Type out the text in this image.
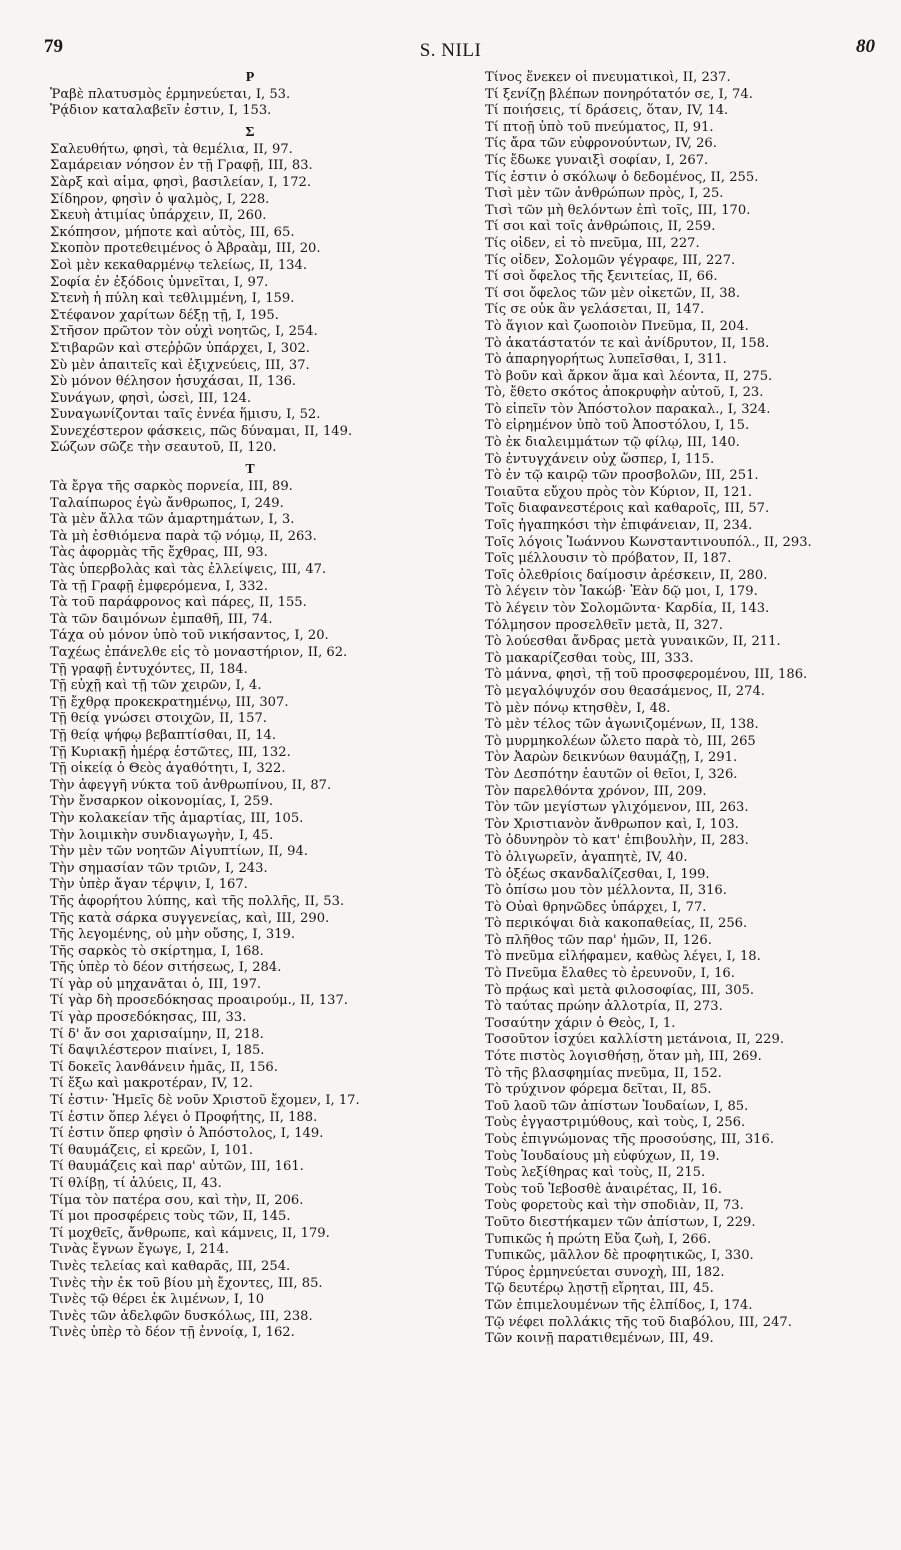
79	S. NILI	80
Ρ
Ῥαβὲ πλατυσμὸς ἑρμηνεύεται, I, 53.
Ῥᾴδιον καταλαβεῖν ἐστιν, I, 153.
Σ
Σαλευθήτω, φησὶ, τὰ θεμέλια, II, 97.
Σαμάρειαν νόησον ἐν τῇ Γραφῇ, III, 83.
Σὰρξ καὶ αἷμα, φησὶ, βασιλείαν, I, 172.
Σίδηρον, φησὶν ὁ ψαλμὸς, I, 228.
Σκευὴ ἀτιμίας ὑπάρχειν, II, 260.
Σκόπησον, μήποτε καὶ αὐτὸς, III, 65.
Σκοπὸν προτεθειμένος ὁ Ἀβραὰμ, III, 20.
Σοὶ μὲν κεκαθαρμένῳ τελείως, II, 134.
Σοφία ἐν ἐξόδοις ὑμνεῖται, I, 97.
Στενὴ ἡ πύλη καὶ τεθλιμμένη, I, 159.
Στέφανον χαρίτων δέξῃ τῇ, I, 195.
Στῆσον πρῶτον τὸν οὐχὶ νοητῶς, I, 254.
Στιβαρῶν καὶ στεῤῥῶν ὑπάρχει, I, 302.
Σὺ μὲν ἀπαιτεῖς καὶ ἐξιχνεύεις, III, 37.
Σὺ μόνον θέλησον ἡσυχάσαι, II, 136.
Συνάγων, φησὶ, ὡσεὶ, III, 124.
Συναγωνίζονται ταῖς ἐννέα ἥμισυ, I, 52.
Συνεχέστερον φάσκεις, πῶς δύναμαι, II, 149.
Σώζων σῶζε τὴν σεαυτοῦ, II, 120.
Τ
Τὰ ἔργα τῆς σαρκὸς πορνεία, III, 89.
Ταλαίπωρος ἐγὼ ἄνθρωπος, I, 249.
Τὰ μὲν ἄλλα τῶν ἁμαρτημάτων, I, 3.
Τὰ μὴ ἐσθιόμενα παρὰ τῷ νόμῳ, II, 263.
Τὰς ἀφορμὰς τῆς ἔχθρας, III, 93.
Τὰς ὑπερβολὰς καὶ τὰς ἐλλείψεις, III, 47.
Τὰ τῇ Γραφῇ ἐμφερόμενα, I, 332.
Τὰ τοῦ παράφρονος καὶ πάρες, II, 155.
Τὰ τῶν δαιμόνων ἐμπαθῆ, III, 74.
Τάχα οὐ μόνον ὑπὸ τοῦ νικήσαντος, I, 20.
Ταχέως ἐπάνελθε εἰς τὸ μοναστήριον, II, 62.
Τῇ γραφῇ ἐντυχόντες, II, 184.
Τῇ εὐχῇ καὶ τῇ τῶν χειρῶν, I, 4.
Τῇ ἔχθρᾳ προκεκρατημένῳ, III, 307.
Τῇ θείᾳ γνώσει στοιχῶν, II, 157.
Τῇ θείᾳ ψήφῳ βεβαπτίσθαι, II, 14.
Τῇ Κυριακῇ ἡμέρᾳ ἑστῶτες, III, 132.
Τῇ οἰκείᾳ ὁ Θεὸς ἀγαθότητι, I, 322.
Τὴν ἀφεγγῆ νύκτα τοῦ ἀνθρωπίνου, II, 87.
Τὴν ἔνσαρκον οἰκονομίας, I, 259.
Τὴν κολακείαν τῆς ἁμαρτίας, III, 105.
Τὴν λοιμικὴν συνδιαγωγὴν, I, 45.
Τὴν μὲν τῶν νοητῶν Αἰγυπτίων, II, 94.
Τὴν σημασίαν τῶν τριῶν, I, 243.
Τὴν ὑπὲρ ἄγαν τέρψιν, I, 167.
Τῆς ἀφορήτου λύπης, καὶ τῆς πολλῆς, II, 53.
Τῆς κατὰ σάρκα συγγενείας, καὶ, III, 290.
Τῆς λεγομένης, οὐ μὴν οὔσης, I, 319.
Τῆς σαρκὸς τὸ σκίρτημα, I, 168.
Τῆς ὑπὲρ τὸ δέον σιτήσεως, I, 284.
Τί γὰρ οὐ μηχανᾶται ὁ, III, 197.
Τί γὰρ δὴ προσεδόκησας προαιρούμ., II, 137.
Τί γὰρ προσεδόκησας, III, 33.
Τί δ' ἄν σοι χαρισαίμην, II, 218.
Τί δαψιλέστερον πιαίνει, I, 185.
Τί δοκεῖς λανθάνειν ἡμᾶς, II, 156.
Τί ἔξω καὶ μακροτέραν, IV, 12.
Τί ἐστιν· Ἡμεῖς δὲ νοῦν Χριστοῦ ἔχομεν, I, 17.
Τί ἐστιν ὅπερ λέγει ὁ Προφήτης, II, 188.
Τί ἐστιν ὅπερ φησὶν ὁ Ἀπόστολος, I, 149.
Τί θαυμάζεις, εἰ κρεῶν, I, 101.
Τί θαυμάζεις καὶ παρ' αὐτῶν, III, 161.
Τί θλίβῃ, τί ἀλύεις, II, 43.
Τίμα τὸν πατέρα σου, καὶ τὴν, II, 206.
Τί μοι προσφέρεις τοὺς τῶν, II, 145.
Τί μοχθεῖς, ἄνθρωπε, καὶ κάμνεις, II, 179.
Τινὰς ἔγνων ἔγωγε, I, 214.
Τινὲς τελείας καὶ καθαρᾶς, III, 254.
Τινὲς τὴν ἐκ τοῦ βίου μὴ ἔχοντες, III, 85.
Τινὲς τῷ θέρει ἐκ λιμένων, I, 10
Τινὲς τῶν ἀδελφῶν δυσκόλως, III, 238.
Τινὲς ὑπὲρ τὸ δέον τῇ ἐννοίᾳ, I, 162.
Τίνος ἕνεκεν οἱ πνευματικοὶ, II, 237.
Τί ξενίζῃ βλέπων πονηρότατόν σε, I, 74.
Τί ποιήσεις, τί δράσεις, ὅταν, IV, 14.
Τί πτοῇ ὑπὸ τοῦ πνεύματος, II, 91.
Τίς ἄρα τῶν εὐφρονούντων, IV, 26.
Τίς ἔδωκε γυναιξὶ σοφίαν, I, 267.
Τίς ἐστιν ὁ σκόλωψ ὁ δεδομένος, II, 255.
Τισὶ μὲν τῶν ἀνθρώπων πρὸς, I, 25.
Τισὶ τῶν μὴ θελόντων ἐπὶ τοῖς, III, 170.
Τί σοι καὶ τοῖς ἀνθρώποις, II, 259.
Τίς οἶδεν, εἰ τὸ πνεῦμα, III, 227.
Τίς οἶδεν, Σολομῶν γέγραφε, III, 227.
Τί σοὶ ὄφελος τῆς ξενιτείας, II, 66.
Τί σοι ὄφελος τῶν μὲν οἰκετῶν, II, 38.
Τίς σε οὐκ ἂν γελάσεται, II, 147.
Τὸ ἅγιον καὶ ζωοποιὸν Πνεῦμα, II, 204.
Τὸ ἀκατάστατόν τε καὶ ἀνίδρυτον, II, 158.
Τὸ ἀπαρηγορήτως λυπεῖσθαι, I, 311.
Τὸ βοῦν καὶ ἄρκον ἅμα καὶ λέοντα, II, 275.
Τὸ, ἔθετο σκότος ἀποκρυφὴν αὐτοῦ, I, 23.
Τὸ εἰπεῖν τὸν Ἀπόστολον παρακαλ., I, 324.
Τὸ εἰρημένον ὑπὸ τοῦ Ἀποστόλου, I, 15.
Τὸ ἐκ διαλειμμάτων τῷ φίλῳ, III, 140.
Τὸ ἐντυγχάνειν οὐχ ὥσπερ, I, 115.
Τὸ ἐν τῷ καιρῷ τῶν προσβολῶν, III, 251.
Τοιαῦτα εὔχου πρὸς τὸν Κύριον, II, 121.
Τοῖς διαφανεστέροις καὶ καθαροῖς, III, 57.
Τοῖς ἠγαπηκόσι τὴν ἐπιφάνειαν, II, 234.
Τοῖς λόγοις Ἰωάννου Κωνσταντινουπόλ., II, 293.
Τοῖς μέλλουσιν τὸ πρόβατον, II, 187.
Τοῖς ὀλεθρίοις δαίμοσιν ἀρέσκειν, II, 280.
Τὸ λέγειν τὸν Ἰακώβ· Ἐὰν δῷ μοι, I, 179.
Τὸ λέγειν τὸν Σολομῶντα· Καρδία, II, 143.
Τόλμησον προσελθεῖν μετὰ, II, 327.
Τὸ λούεσθαι ἄνδρας μετὰ γυναικῶν, II, 211.
Τὸ μακαρίζεσθαι τοὺς, III, 333.
Τὸ μάννα, φησὶ, τῇ τοῦ προσφερομένου, III, 186.
Τὸ μεγαλόψυχόν σου θεασάμενος, II, 274.
Τὸ μὲν πόνῳ κτησθὲν, I, 48.
Τὸ μὲν τέλος τῶν ἀγωνιζομένων, II, 138.
Τὸ μυρμηκολέων ὤλετο παρὰ τὸ, III, 265
Τὸν Ἀαρὼν δεικνύων θαυμάζῃ, I, 291.
Τὸν Δεσπότην ἑαυτῶν οἱ θεῖοι, I, 326.
Τὸν παρελθόντα χρόνον, III, 209.
Τὸν τῶν μεγίστων γλιχόμενον, III, 263.
Τὸν Χριστιανὸν ἄνθρωπον καὶ, I, 103.
Τὸ ὀδυνηρὸν τὸ κατ' ἐπιβουλὴν, II, 283.
Τὸ ὀλιγωρεῖν, ἀγαπητὲ, IV, 40.
Τὸ ὀξέως σκανδαλίζεσθαι, I, 199.
Τὸ ὀπίσω μου τὸν μέλλοντα, II, 316.
Τὸ Οὐαὶ θρηνῶδες ὑπάρχει, I, 77.
Τὸ περικόψαι διὰ κακοπαθείας, II, 256.
Τὸ πλῆθος τῶν παρ' ἡμῶν, II, 126.
Τὸ πνεῦμα εἰλήφαμεν, καθὼς λέγει, I, 18.
Τὸ Πνεῦμα ἔλαθες τὸ ἐρευνοῦν, I, 16.
Τὸ πρᾴως καὶ μετὰ φιλοσοφίας, III, 305.
Τὸ ταύτας πρώην ἀλλοτρία, II, 273.
Τοσαύτην χάριν ὁ Θεὸς, I, 1.
Τοσοῦτον ἰσχύει καλλίστη μετάνοια, II, 229.
Τότε πιστὸς λογισθήσῃ, ὅταν μὴ, III, 269.
Τὸ τῆς βλασφημίας πνεῦμα, II, 152.
Τὸ τρύχινον φόρεμα δεῖται, II, 85.
Τοῦ λαοῦ τῶν ἀπίστων Ἰουδαίων, I, 85.
Τοὺς ἐγγαστριμύθους, καὶ τοὺς, I, 256.
Τοὺς ἐπιγνώμονας τῆς προσούσης, III, 316.
Τοὺς Ἰουδαίους μὴ εὐφύχων, II, 19.
Τοὺς λεξίθηρας καὶ τοὺς, II, 215.
Τοὺς τοῦ Ἰεβοσθὲ ἀναιρέτας, II, 16.
Τοὺς φορετοὺς καὶ τὴν σποδιὰν, II, 73.
Τοῦτο διεστήκαμεν τῶν ἀπίστων, I, 229.
Τυπικῶς ἡ πρώτη Εὔα ζωὴ, I, 266.
Τυπικῶς, μᾶλλον δὲ προφητικῶς, I, 330.
Τύρος ἑρμηνεύεται συνοχὴ, III, 182.
Τῷ δευτέρῳ λῃστῇ εἴρηται, III, 45.
Τῶν ἐπιμελουμένων τῆς ἐλπίδος, I, 174.
Τῷ νέφει πολλάκις τῆς τοῦ διαβόλου, III, 247.
Τῶν κοινῇ παρατιθεμένων, III, 49.
